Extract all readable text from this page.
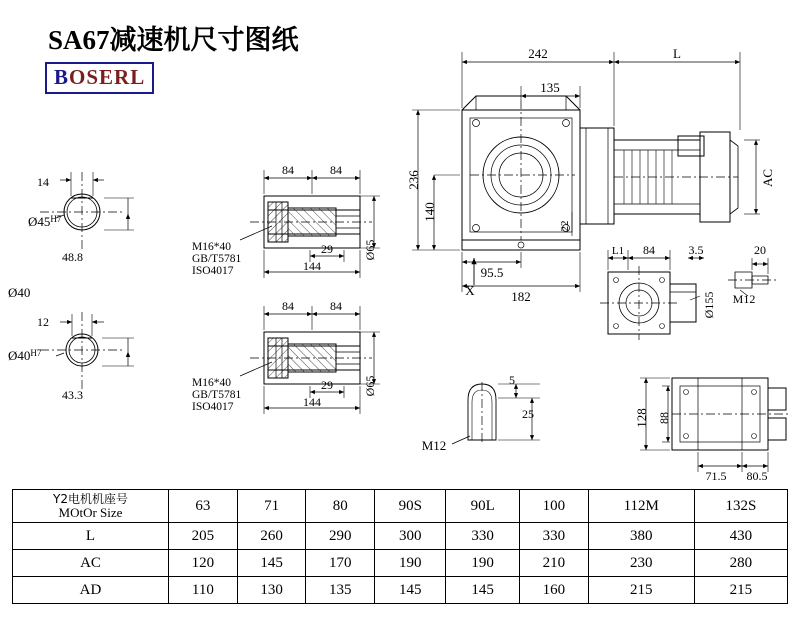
SA67减速机尺寸图纸
BOSERL
242	L
135
236
140
22
AC
95.5
182
X
L1 84	3.5
Ø155
20
M12
128 88
71.5 80.5
5
25
M12
14
$Ø45^{H7}$
48.8
Ø40
12
$Ø40^{H7}$
43.3
84	84
29
144
Ø65
M16*40
GB/T5781
ISO4017
84	84
29
144
Ø65
M16*40
GB/T5781
ISO4017
Y2电机机座号
MOtOr Size	63	71	80	90S	90L	100	112M	132S
L	205	260	290	300	330	330	380	430
AC	120	145	170	190	190	210	230	280
AD	110	130	135	145	145	160	215	215
